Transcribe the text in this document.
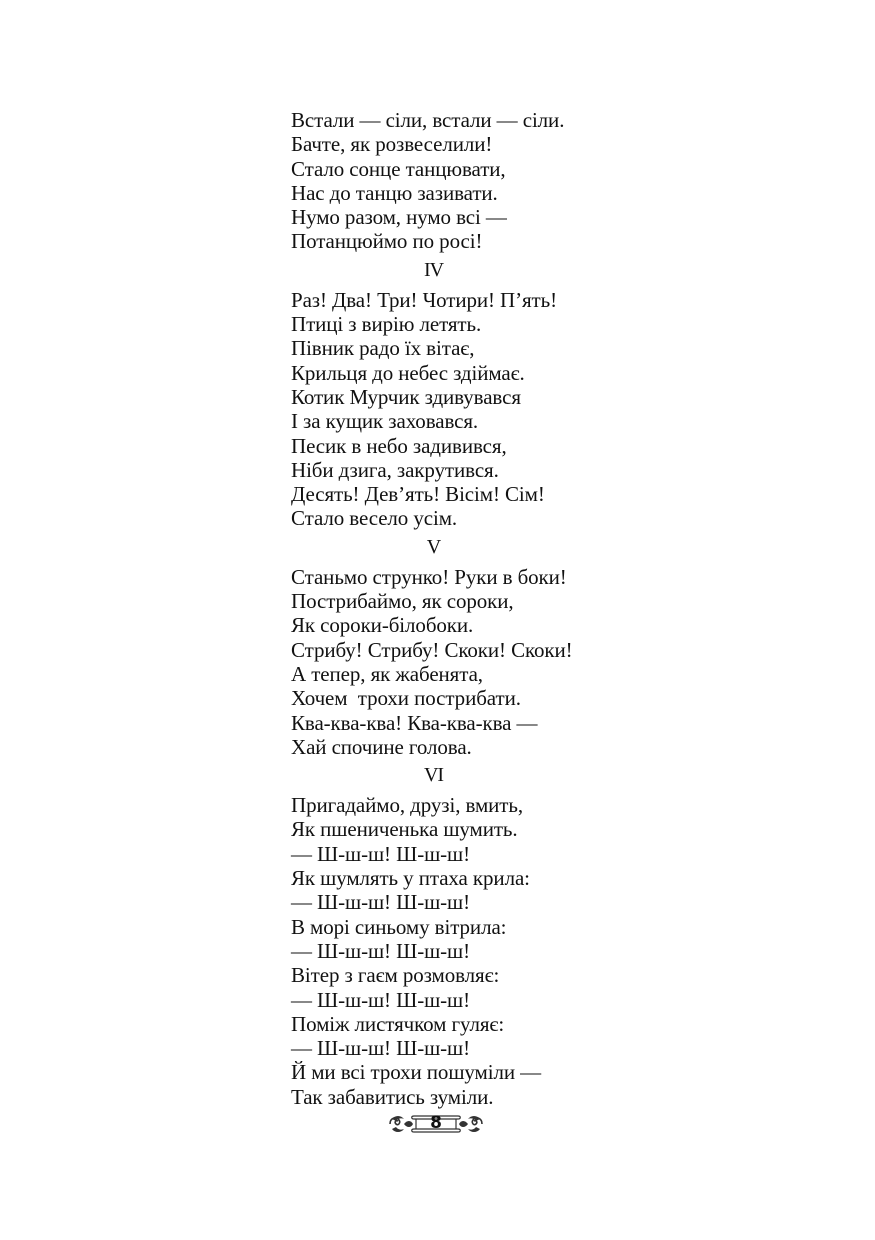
Встали — сіли, встали — сіли.
Бачте, як розвеселили!
Стало сонце танцювати,
Нас до танцю зазивати.
Нумо разом, нумо всі —
Потанцюймо по росі!
IV
Раз! Два! Три! Чотири! П’ять!
Птиці з вирію летять.
Півник радо їх вітає,
Крильця до небес здіймає.
Котик Мурчик здивувався
І за кущик заховався.
Песик в небо задивився,
Ніби дзига, закрутився.
Десять! Дев’ять! Вісім! Сім!
Стало весело усім.
V
Станьмо струнко! Руки в боки!
Пострибаймо, як сороки,
Як сороки-білобоки.
Стрибу! Стрибу! Скоки! Скоки!
А тепер, як жабенята,
Хочем  трохи пострибати.
Ква-ква-ква! Ква-ква-ква —
Хай спочине голова.
VI
Пригадаймо, друзі, вмить,
Як пшениченька шумить.
— Ш-ш-ш! Ш-ш-ш!
Як шумлять у птаха крила:
— Ш-ш-ш! Ш-ш-ш!
В морі синьому вітрила:
— Ш-ш-ш! Ш-ш-ш!
Вітер з гаєм розмовляє:
— Ш-ш-ш! Ш-ш-ш!
Поміж листячком гуляє:
— Ш-ш-ш! Ш-ш-ш!
Й ми всі трохи пошуміли —
Так забавитись зуміли.
8
